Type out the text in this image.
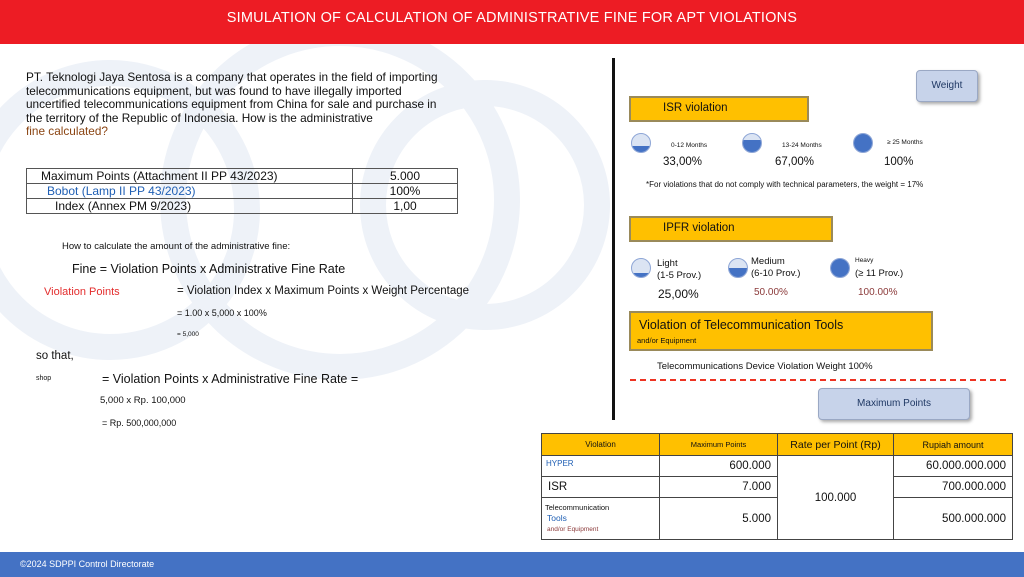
SIMULATION OF CALCULATION OF ADMINISTRATIVE FINE FOR APT VIOLATIONS
PT. Teknologi Jaya Sentosa is a company that operates in the field of importing
telecommunications equipment, but was found to have illegally imported
uncertified telecommunications equipment from China for sale and purchase in
the territory of the Republic of Indonesia. How is the administrative
fine calculated?
Maximum Points (Attachment II PP 43/2023)	5.000
Bobot (Lamp II PP 43/2023)	100%
Index (Annex PM 9/2023)	1,00
How to calculate the amount of the administrative fine:
Fine = Violation Points x Administrative Fine Rate
Violation Points	= Violation Index x Maximum Points x Weight Percentage
= 1.00 x 5,000 x 100%
= 5,000
so that,
shop	= Violation Points x Administrative Fine Rate =
5,000 x Rp. 100,000
= Rp. 500,000,000
Weight
ISR violation
0-12 Months
33,00%
13-24 Months
67,00%
≥ 25 Months
100%
*For violations that do not comply with technical parameters, the weight = 17%
IPFR violation
Light
(1-5 Prov.)
25,00%
Medium
(6-10 Prov.)
50.00%
Heavy
(≥ 11 Prov.)
100.00%
Violation of Telecommunication Tools
and/or Equipment
Telecommunications Device Violation Weight 100%
Maximum Points
Violation	Maximum Points	Rate per Point (Rp)	Rupiah amount
HYPER	600.000	100.000	60.000.000.000
ISR	7.000		700.000.000

Telecommunication
Tools
and/or Equipment	5.000		500.000.000
©2024 SDPPI Control Directorate
